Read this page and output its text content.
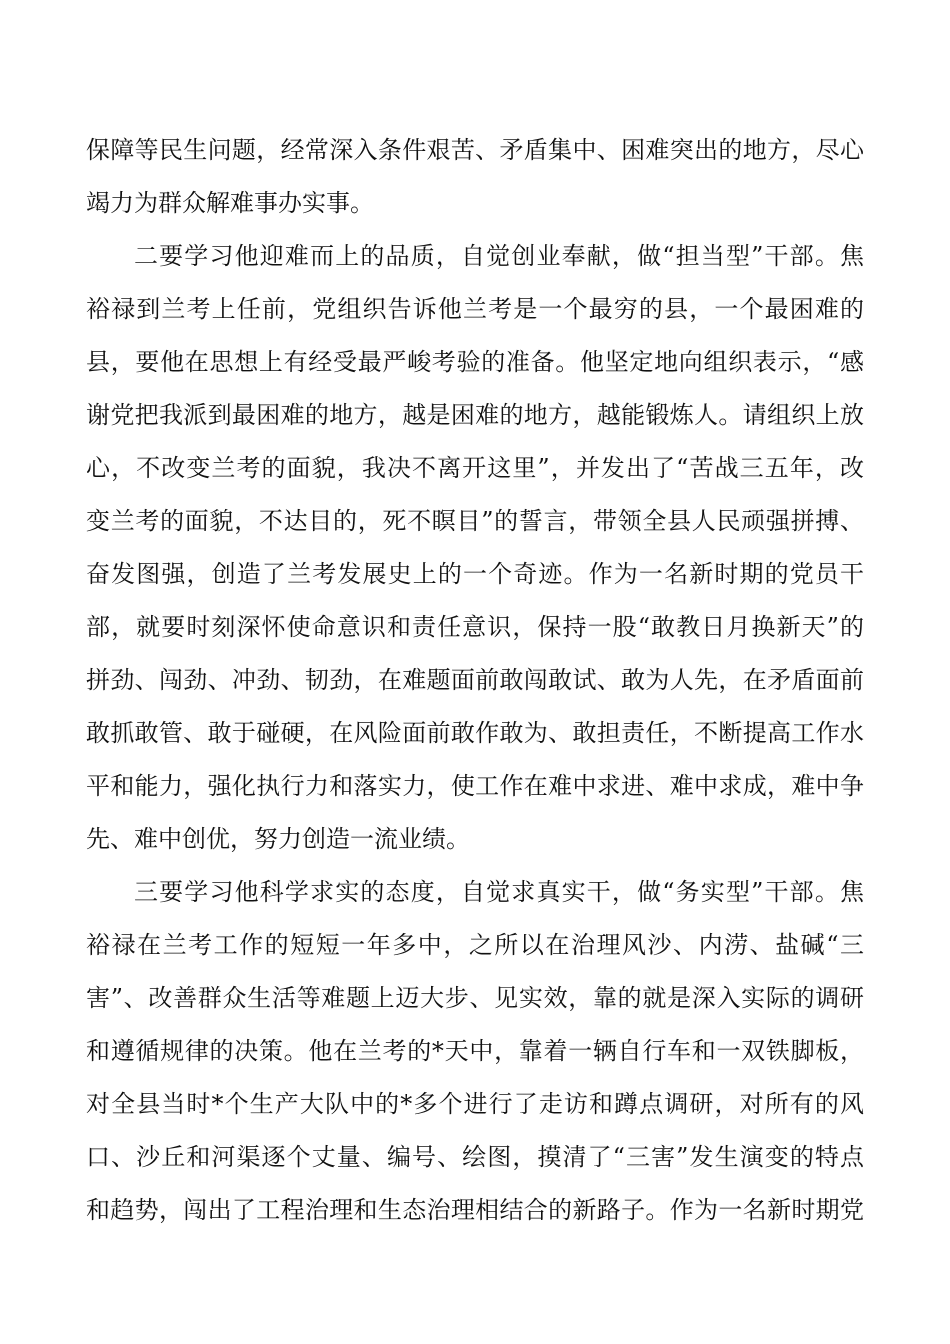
保障等民生问题，经常深入条件艰苦、矛盾集中、困难突出的地方，尽心
竭力为群众解难事办实事。
二要学习他迎难而上的品质，自觉创业奉献，做“担当型”干部。焦
裕禄到兰考上任前，党组织告诉他兰考是一个最穷的县，一个最困难的
县，要他在思想上有经受最严峻考验的准备。他坚定地向组织表示，“感
谢党把我派到最困难的地方，越是困难的地方，越能锻炼人。请组织上放
心，不改变兰考的面貌，我决不离开这里”，并发出了“苦战三五年，改
变兰考的面貌，不达目的，死不瞑目”的誓言，带领全县人民顽强拼搏、
奋发图强，创造了兰考发展史上的一个奇迹。作为一名新时期的党员干
部，就要时刻深怀使命意识和责任意识，保持一股“敢教日月换新天”的
拼劲、闯劲、冲劲、韧劲，在难题面前敢闯敢试、敢为人先，在矛盾面前
敢抓敢管、敢于碰硬，在风险面前敢作敢为、敢担责任，不断提高工作水
平和能力，强化执行力和落实力，使工作在难中求进、难中求成，难中争
先、难中创优，努力创造一流业绩。
三要学习他科学求实的态度，自觉求真实干，做“务实型”干部。焦
裕禄在兰考工作的短短一年多中，之所以在治理风沙、内涝、盐碱“三
害”、改善群众生活等难题上迈大步、见实效，靠的就是深入实际的调研
和遵循规律的决策。他在兰考的*天中，靠着一辆自行车和一双铁脚板，
对全县当时*个生产大队中的*多个进行了走访和蹲点调研，对所有的风
口、沙丘和河渠逐个丈量、编号、绘图，摸清了“三害”发生演变的特点
和趋势，闯出了工程治理和生态治理相结合的新路子。作为一名新时期党
